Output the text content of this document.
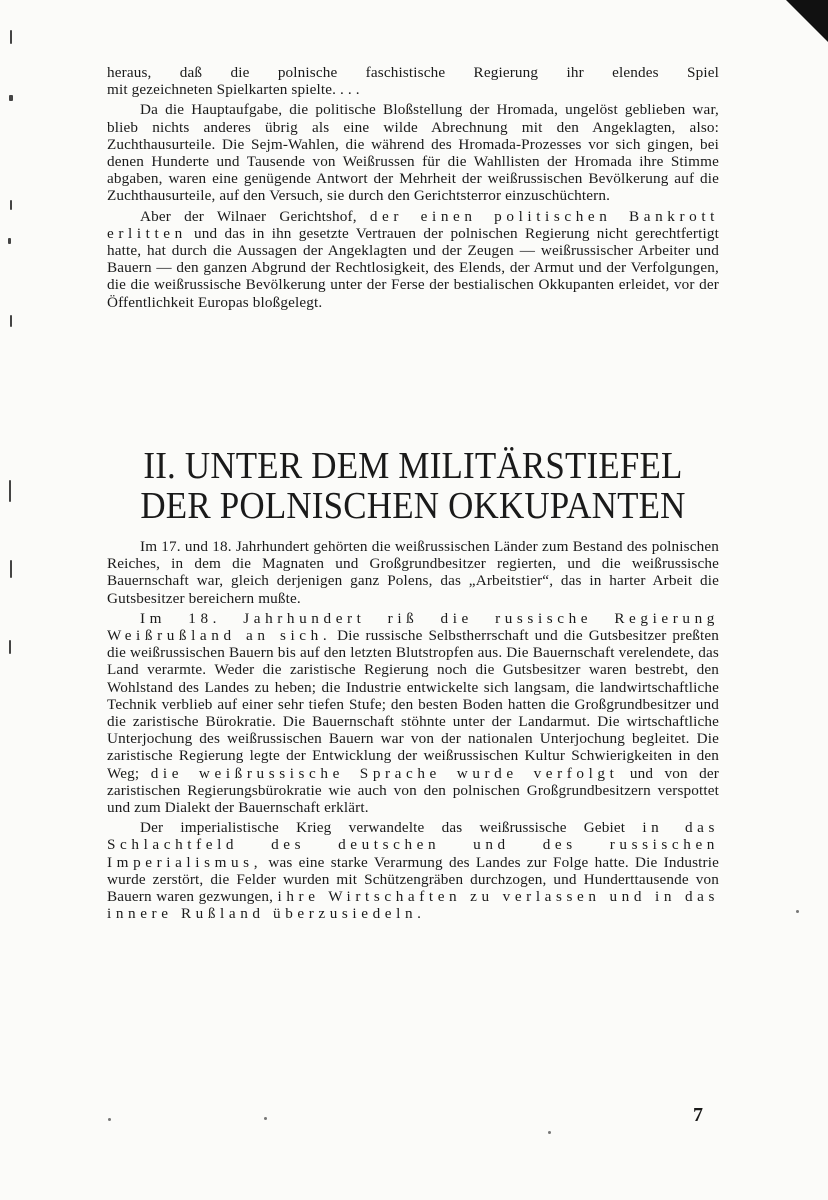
heraus, daß die polnische faschistische Regierung ihr elendes Spiel

mit gezeichneten Spielkarten spielte. . . .

Da die Hauptaufgabe, die politische Bloßstellung der Hromada, ungelöst geblieben war, blieb nichts anderes übrig als eine wilde Abrechnung mit den Angeklagten, also: Zuchthausurteile. Die Sejm-Wahlen, die während des Hromada-Prozesses vor sich gingen, bei denen Hunderte und Tausende von Weißrussen für die Wahllisten der Hromada ihre Stimme abgaben, waren eine genügende Antwort der Mehrheit der weißrussischen Bevölkerung auf die Zuchthausurteile, auf den Versuch, sie durch den Gerichtsterror einzuschüchtern.

Aber der Wilnaer Gerichtshof, der einen politischen Bankrott erlitten und das in ihn gesetzte Vertrauen der polnischen Regierung nicht gerechtfertigt hatte, hat durch die Aussagen der Angeklagten und der Zeugen — weißrussischer Arbeiter und Bauern — den ganzen Abgrund der Rechtlosigkeit, des Elends, der Armut und der Verfolgungen, die die weißrussische Bevölkerung unter der Ferse der bestialischen Okkupanten erleidet, vor der Öffentlichkeit Europas bloßgelegt.

II. UNTER DEM MILITÄRSTIEFEL
DER POLNISCHEN OKKUPANTEN

Im 17. und 18. Jahrhundert gehörten die weißrussischen Länder zum Bestand des polnischen Reiches, in dem die Magnaten und Großgrundbesitzer regierten, und die weißrussische Bauernschaft war, gleich derjenigen ganz Polens, das „Arbeitstier“, das in harter Arbeit die Gutsbesitzer bereichern mußte.

Im 18. Jahrhundert riß die russische Regierung Weißrußland an sich. Die russische Selbstherrschaft und die Gutsbesitzer preßten die weißrussischen Bauern bis auf den letzten Blutstropfen aus. Die Bauernschaft verelendete, das Land verarmte. Weder die zaristische Regierung noch die Gutsbesitzer waren bestrebt, den Wohlstand des Landes zu heben; die Industrie entwickelte sich langsam, die landwirtschaftliche Technik verblieb auf einer sehr tiefen Stufe; den besten Boden hatten die Großgrundbesitzer und die zaristische Bürokratie. Die Bauernschaft stöhnte unter der Landarmut. Die wirtschaftliche Unterjochung des weißrussischen Bauern war von der nationalen Unterjochung begleitet. Die zaristische Regierung legte der Entwicklung der weißrussischen Kultur Schwierigkeiten in den Weg; die weißrussische Sprache wurde verfolgt und von der zaristischen Regierungsbürokratie wie auch von den polnischen Großgrundbesitzern verspottet und zum Dialekt der Bauernschaft erklärt.

Der imperialistische Krieg verwandelte das weißrussische Gebiet in das Schlachtfeld des deutschen und des russischen Imperialismus, was eine starke Verarmung des Landes zur Folge hatte. Die Industrie wurde zerstört, die Felder wurden mit Schützengräben durchzogen, und Hunderttausende von Bauern waren gezwungen, ihre Wirtschaften zu verlassen und in das innere Rußland überzusiedeln.

7
